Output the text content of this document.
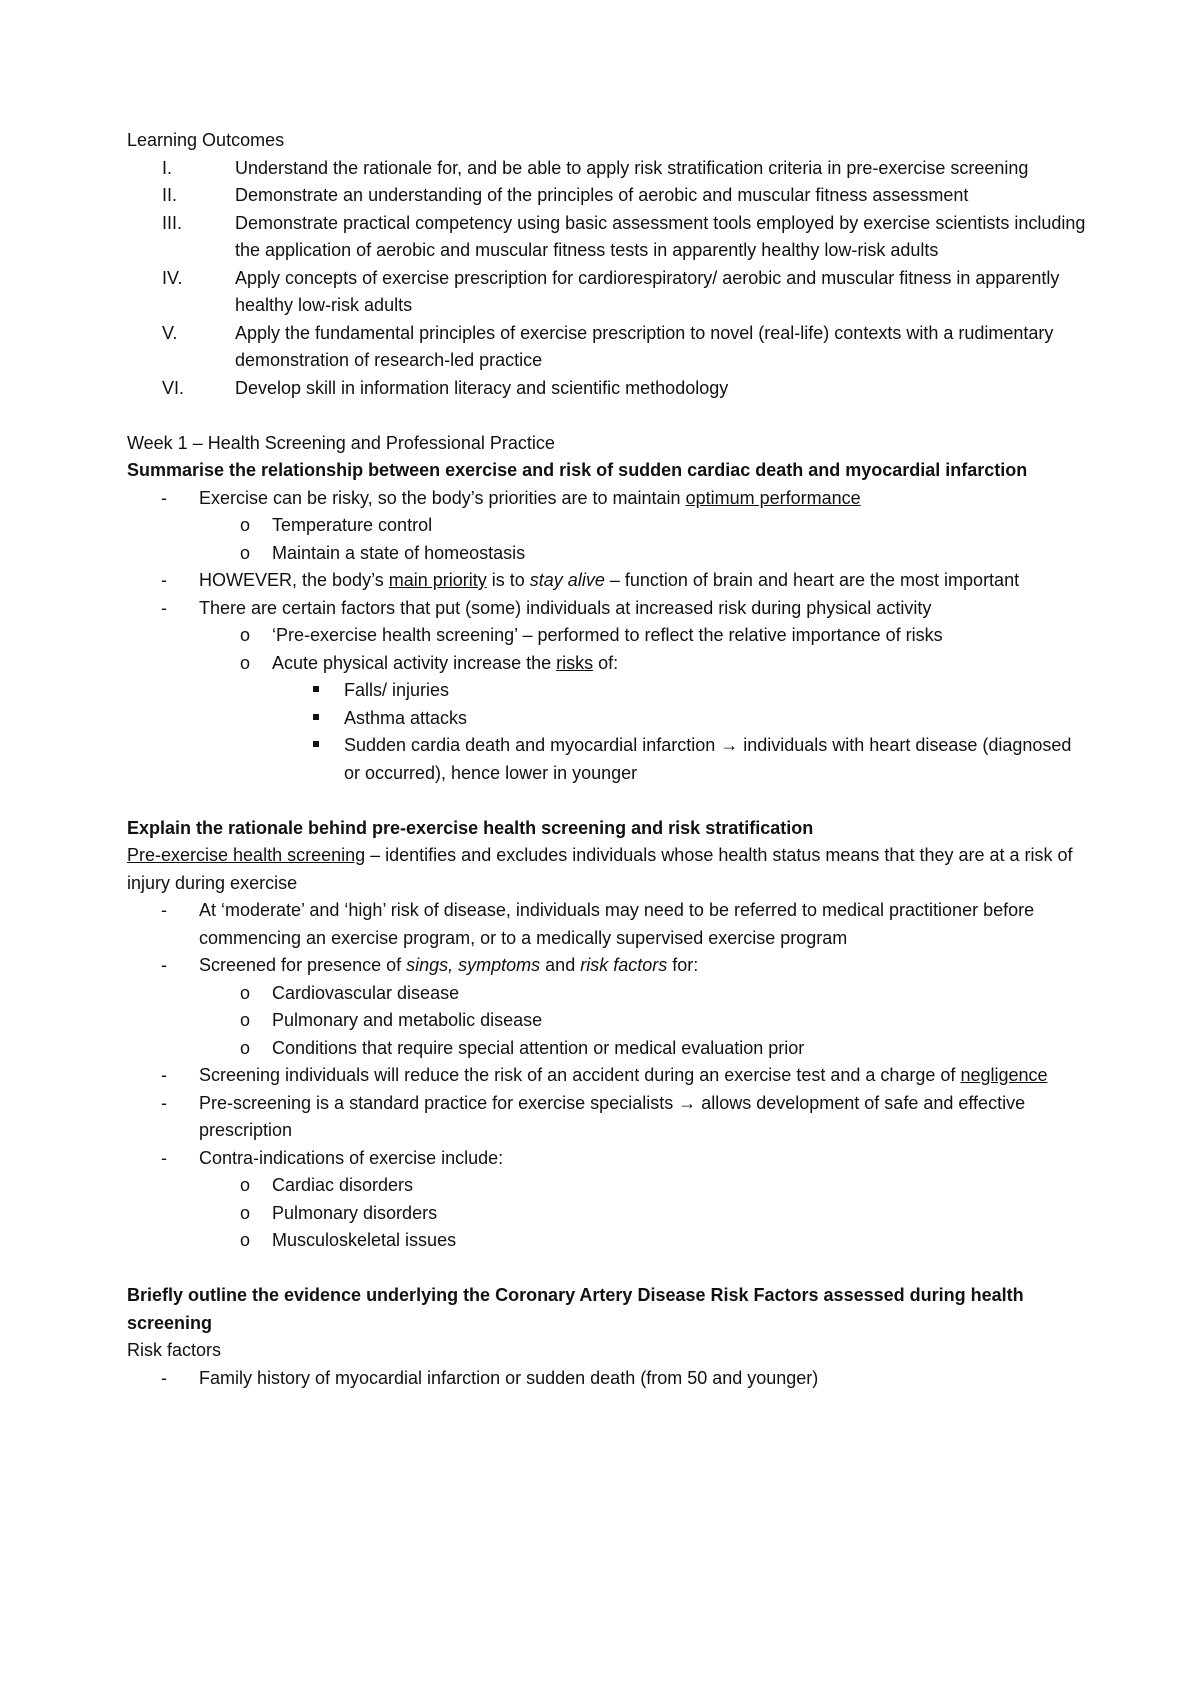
Learning Outcomes
I.	Understand the rationale for, and be able to apply risk stratification criteria in pre-exercise screening
II.	Demonstrate an understanding of the principles of aerobic and muscular fitness assessment
III.	Demonstrate practical competency using basic assessment tools employed by exercise scientists including the application of aerobic and muscular fitness tests in apparently healthy low-risk adults
IV.	Apply concepts of exercise prescription for cardiorespiratory/ aerobic and muscular fitness in apparently healthy low-risk adults
V.	Apply the fundamental principles of exercise prescription to novel (real-life) contexts with a rudimentary demonstration of research-led practice
VI.	Develop skill in information literacy and scientific methodology
Week 1 – Health Screening and Professional Practice
Summarise the relationship between exercise and risk of sudden cardiac death and myocardial infarction
-	Exercise can be risky, so the body’s priorities are to maintain optimum performance
o	Temperature control
o	Maintain a state of homeostasis
-	HOWEVER, the body’s main priority is to stay alive – function of brain and heart are the most important
-	There are certain factors that put (some) individuals at increased risk during physical activity
o	‘Pre-exercise health screening’ – performed to reflect the relative importance of risks
o	Acute physical activity increase the risks of:
Falls/ injuries
Asthma attacks
Sudden cardia death and myocardial infarction → individuals with heart disease (diagnosed or occurred), hence lower in younger
Explain the rationale behind pre-exercise health screening and risk stratification
Pre-exercise health screening – identifies and excludes individuals whose health status means that they are at a risk of injury during exercise
-	At ‘moderate’ and ‘high’ risk of disease, individuals may need to be referred to medical practitioner before commencing an exercise program, or to a medically supervised exercise program
-	Screened for presence of sings, symptoms and risk factors for:
o	Cardiovascular disease
o	Pulmonary and metabolic disease
o	Conditions that require special attention or medical evaluation prior
-	Screening individuals will reduce the risk of an accident during an exercise test and a charge of negligence
-	Pre-screening is a standard practice for exercise specialists → allows development of safe and effective prescription
-	Contra-indications of exercise include:
o	Cardiac disorders
o	Pulmonary disorders
o	Musculoskeletal issues
Briefly outline the evidence underlying the Coronary Artery Disease Risk Factors assessed during health screening
Risk factors
-	Family history of myocardial infarction or sudden death (from 50 and younger)
